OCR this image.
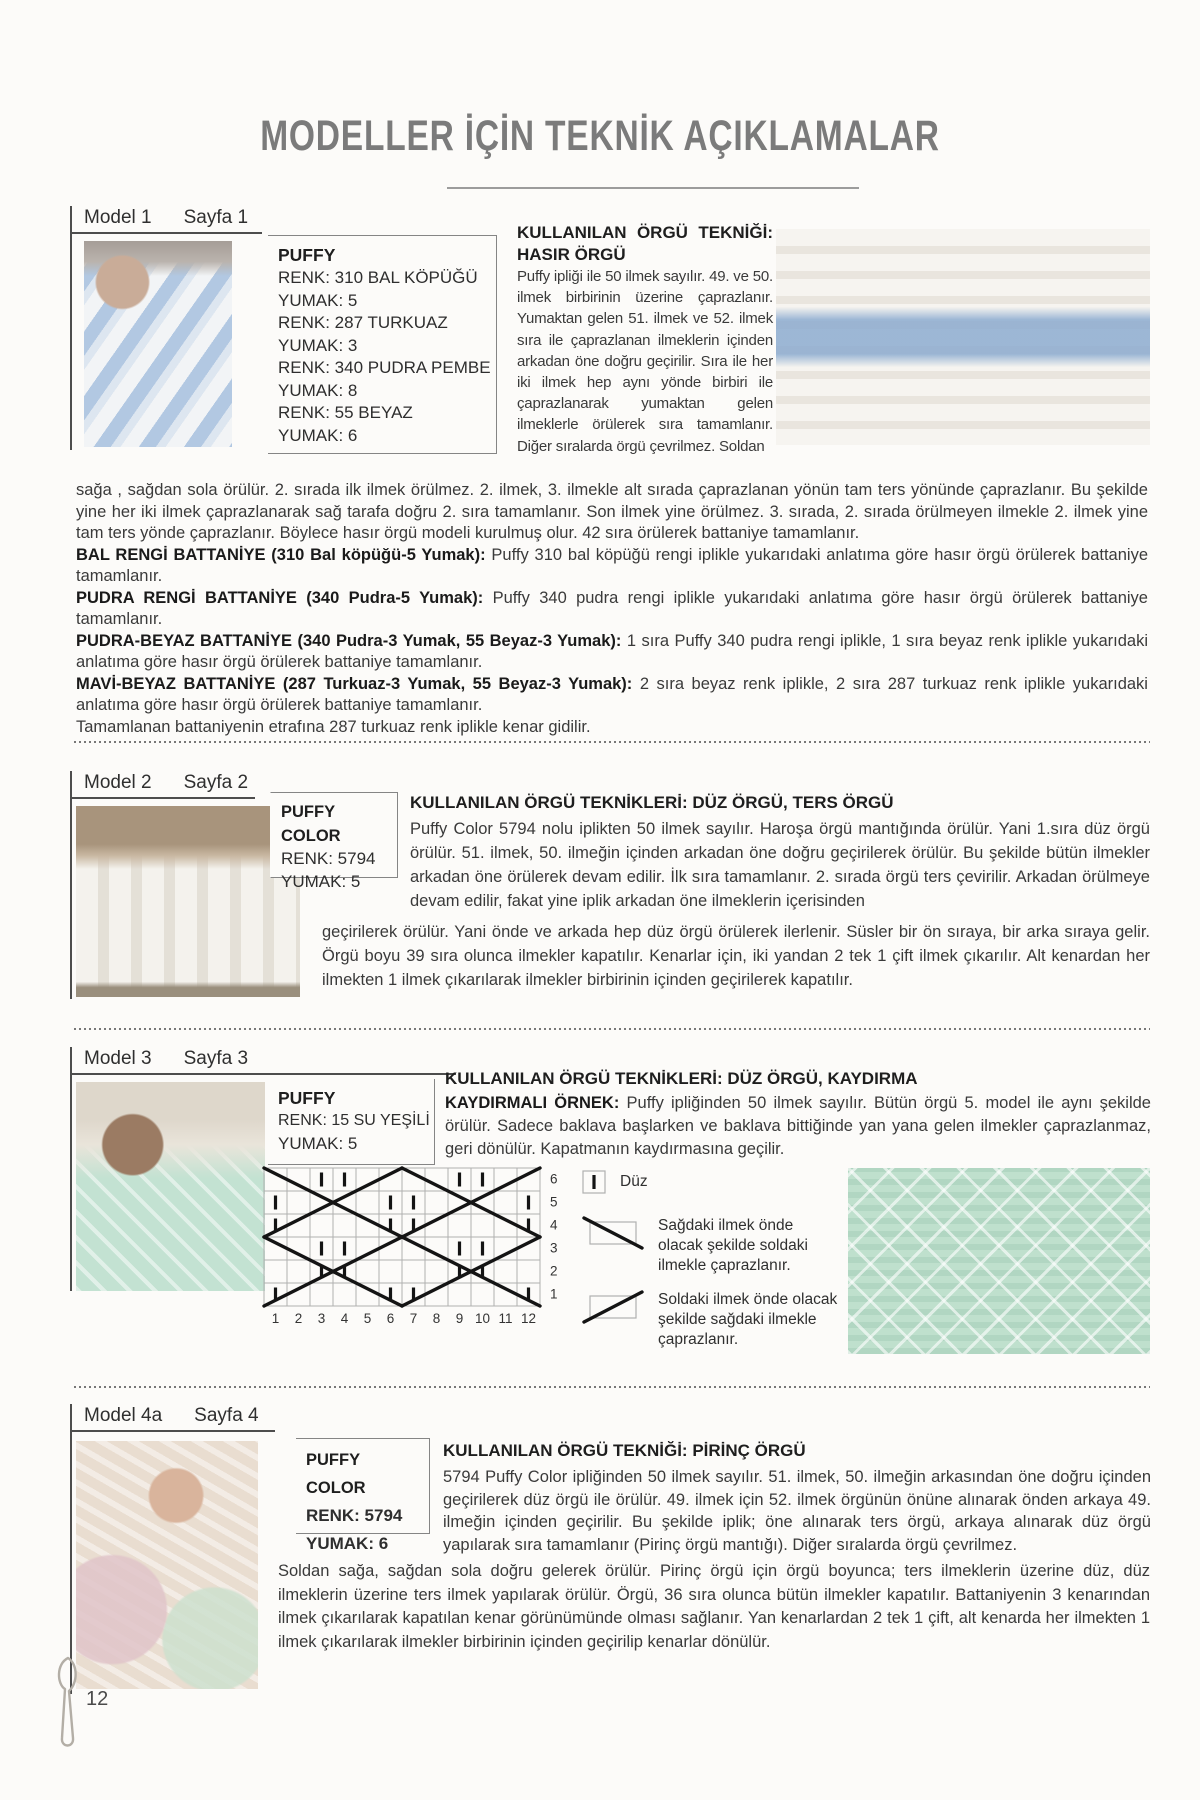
MODELLER İÇİN TEKNİK AÇIKLAMALAR
Model 1 Sayfa 1
PUFFY
RENK: 310 BAL KÖPÜĞÜ
YUMAK: 5
RENK: 287 TURKUAZ
YUMAK: 3
RENK: 340 PUDRA PEMBE
YUMAK: 8
RENK: 55 BEYAZ
YUMAK: 6
KULLANILAN ÖRGÜ TEKNİĞİ:
HASIR ÖRGÜ
Puffy ipliği ile 50 ilmek sayılır. 49. ve 50. ilmek birbirinin üzerine çaprazlanır. Yumaktan gelen 51. ilmek ve 52. ilmek sıra ile çaprazlanan ilmeklerin içinden arkadan öne doğru geçirilir. Sıra ile her iki ilmek hep aynı yönde birbiri ile çaprazlanarak yumaktan gelen ilmeklerle örülerek sıra tamamlanır. Diğer sıralarda örgü çevrilmez. Soldan

sağa , sağdan sola örülür. 2. sırada ilk ilmek örülmez. 2. ilmek, 3. ilmekle alt sırada çaprazlanan yönün tam ters yönünde çaprazlanır. Bu şekilde yine her iki ilmek çaprazlanarak sağ tarafa doğru 2. sıra tamamlanır. Son ilmek yine örülmez. 3. sırada, 2. sırada örülmeyen ilmekle 2. ilmek yine tam ters yönde çaprazlanır. Böylece hasır örgü modeli kurulmuş olur. 42 sıra örülerek battaniye tamamlanır.

BAL RENGİ BATTANİYE (310 Bal köpüğü-5 Yumak): Puffy 310 bal köpüğü rengi iplikle yukarıdaki anlatıma göre hasır örgü örülerek battaniye tamamlanır.

PUDRA RENGİ BATTANİYE (340 Pudra-5 Yumak): Puffy 340 pudra rengi iplikle yukarıdaki anlatıma göre hasır örgü örülerek battaniye tamamlanır.

PUDRA-BEYAZ BATTANİYE (340 Pudra-3 Yumak, 55 Beyaz-3 Yumak): 1 sıra Puffy 340 pudra rengi iplikle, 1 sıra beyaz renk iplikle yukarıdaki anlatıma göre hasır örgü örülerek battaniye tamamlanır.

MAVİ-BEYAZ BATTANİYE (287 Turkuaz-3 Yumak, 55 Beyaz-3 Yumak): 2 sıra beyaz renk iplikle, 2 sıra 287 turkuaz renk iplikle yukarıdaki anlatıma göre hasır örgü örülerek battaniye tamamlanır.

Tamamlanan battaniyenin etrafına 287 turkuaz renk iplikle kenar gidilir.

Model 2 Sayfa 2
PUFFY COLOR
RENK: 5794
YUMAK: 5
KULLANILAN ÖRGÜ TEKNİKLERİ: DÜZ ÖRGÜ, TERS ÖRGÜ
Puffy Color 5794 nolu iplikten 50 ilmek sayılır. Haroşa örgü mantığında örülür. Yani 1.sıra düz örgü örülür. 51. ilmek, 50. ilmeğin içinden arkadan öne doğru geçirilerek örülür. Bu şekilde bütün ilmekler arkadan öne örülerek devam edilir. İlk sıra tamamlanır. 2. sırada örgü ters çevirilir. Arkadan örülmeye devam edilir, fakat yine iplik arkadan öne ilmeklerin içerisinden
geçirilerek örülür. Yani önde ve arkada hep düz örgü örülerek ilerlenir. Süsler bir ön sıraya, bir arka sıraya gelir. Örgü boyu 39 sıra olunca ilmekler kapatılır. Kenarlar için, iki yandan 2 tek 1 çift ilmek çıkarılır. Alt kenardan her ilmekten 1 ilmek çıkarılarak ilmekler birbirinin içinden geçirilerek kapatılır.
Model 3 Sayfa 3
PUFFY
RENK: 15 SU YEŞİLİ
YUMAK: 5
KULLANILAN ÖRGÜ TEKNİKLERİ: DÜZ ÖRGÜ, KAYDIRMA
KAYDIRMALI ÖRNEK: Puffy ipliğinden 50 ilmek sayılır. Bütün örgü 5. model ile aynı şekilde örülür. Sadece baklava başlarken ve baklava bittiğinde yan yana gelen ilmekler çaprazlanmaz, geri dönülür. Kapatmanın kaydırmasına geçilir.
1 2 3 4 5 6 7 8 9 10 11 12
6
5
4
3
2
1
Düz
Sağdaki ilmek önde olacak şekilde soldaki ilmekle çaprazlanır.
Soldaki ilmek önde olacak şekilde sağdaki ilmekle çaprazlanır.
Model 4a Sayfa 4
PUFFY COLOR
RENK: 5794
YUMAK: 6
KULLANILAN ÖRGÜ TEKNİĞİ: PİRİNÇ ÖRGÜ
5794 Puffy Color ipliğinden 50 ilmek sayılır. 51. ilmek, 50. ilmeğin arkasından öne doğru içinden geçirilerek düz örgü ile örülür. 49. ilmek için 52. ilmek örgünün önüne alınarak önden arkaya 49. ilmeğin içinden geçirilir. Bu şekilde iplik; öne alınarak ters örgü, arkaya alınarak düz örgü yapılarak sıra tamamlanır (Pirinç örgü mantığı). Diğer sıralarda örgü çevrilmez.
Soldan sağa, sağdan sola doğru gelerek örülür. Pirinç örgü için örgü boyunca; ters ilmeklerin üzerine düz, düz ilmeklerin üzerine ters ilmek yapılarak örülür. Örgü, 36 sıra olunca bütün ilmekler kapatılır. Battaniyenin 3 kenarından ilmek çıkarılarak kapatılan kenar görünümünde olması sağlanır. Yan kenarlardan 2 tek 1 çift, alt kenarda her ilmekten 1 ilmek çıkarılarak ilmekler birbirinin içinden geçirilip kenarlar dönülür.
12
